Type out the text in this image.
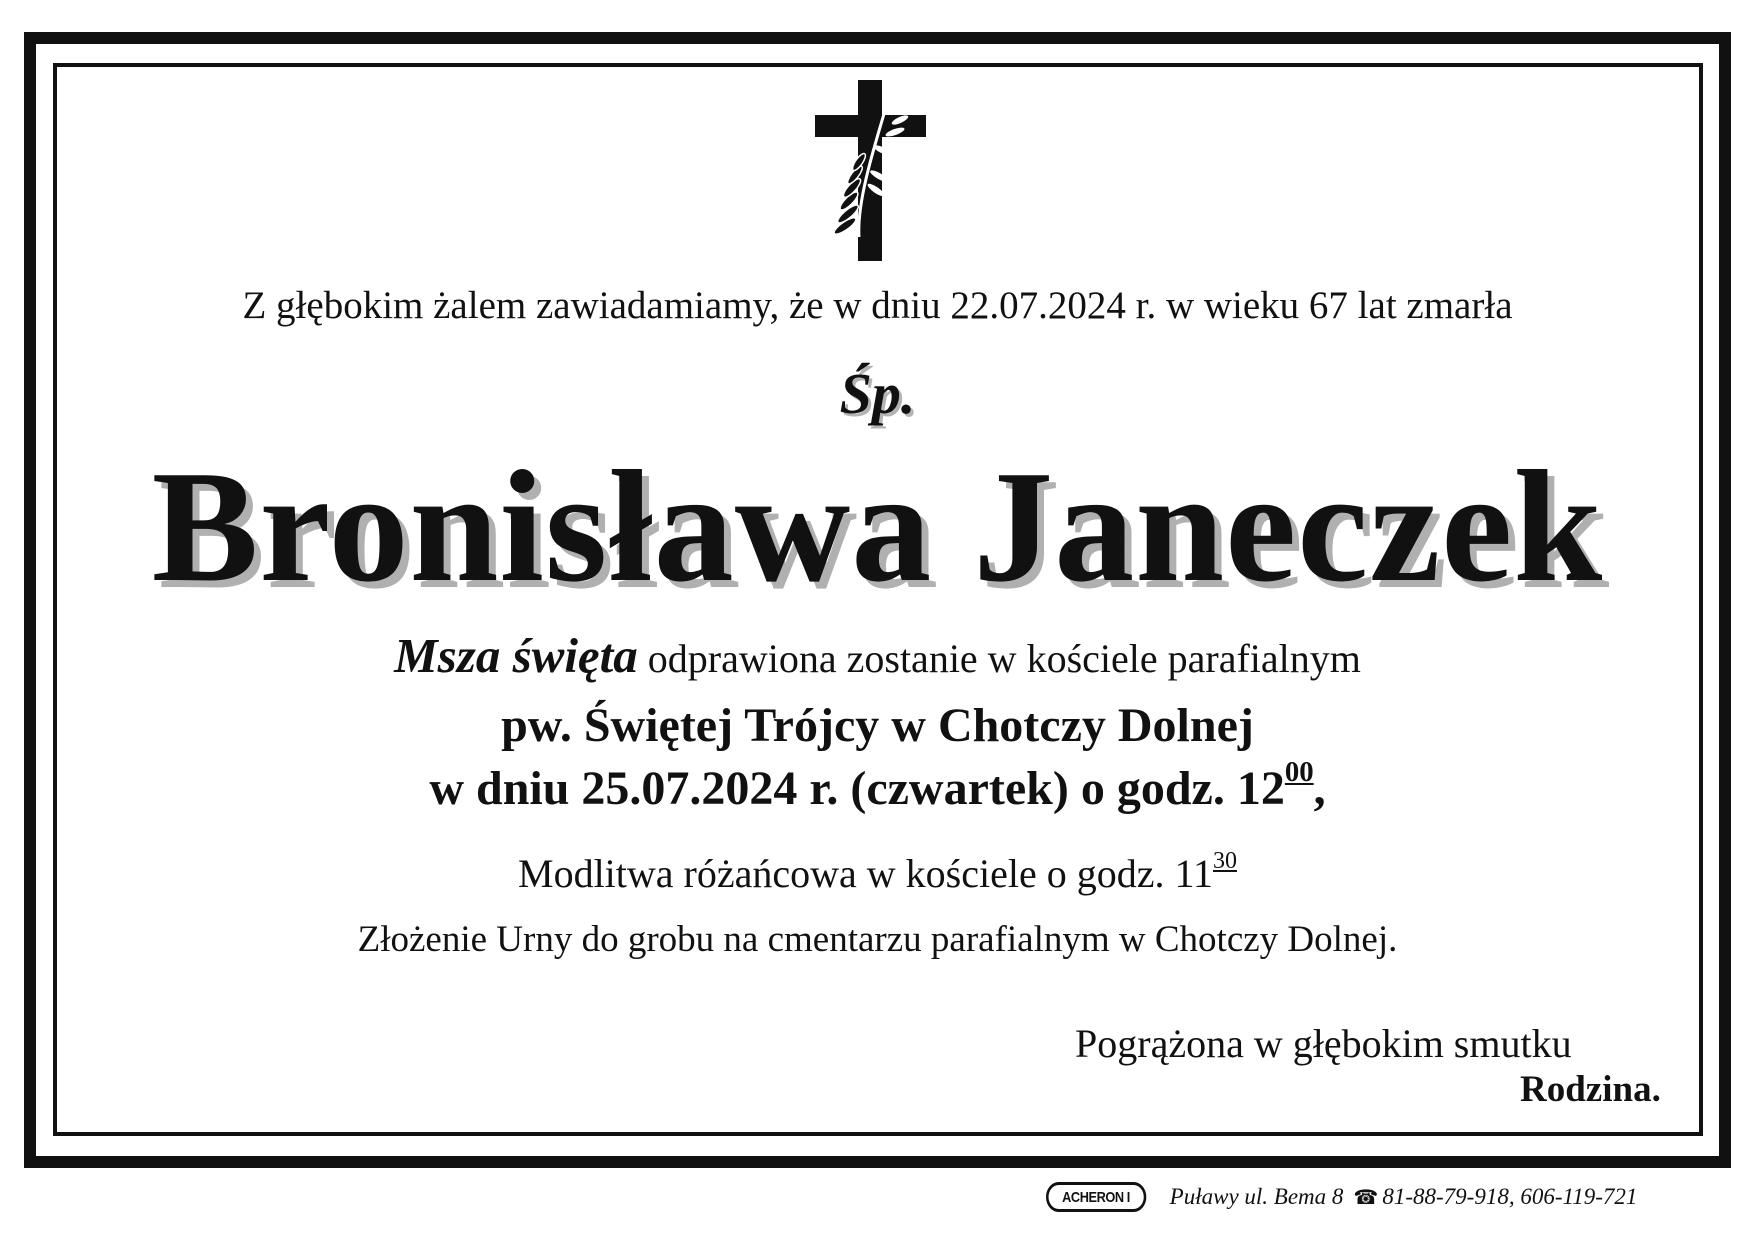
Z głębokim żalem zawiadamiamy, że w dniu 22.07.2024 r. w wieku 67 lat zmarła
Śp.
Bronisława Janeczek
Msza święta odprawiona zostanie w kościele parafialnym
pw. Świętej Trójcy w Chotczy Dolnej
w dniu 25.07.2024 r. (czwartek) o godz. $12^{00}$,
Modlitwa różańcowa w kościele o godz. $11^{30}$
Złożenie Urny do grobu na cmentarzu parafialnym w Chotczy Dolnej.
Pogrążona w głębokim smutku
Rodzina.
ACHERON I	Puławy ul. Bema 8 ☎ 81-88-79-918, 606-119-721
